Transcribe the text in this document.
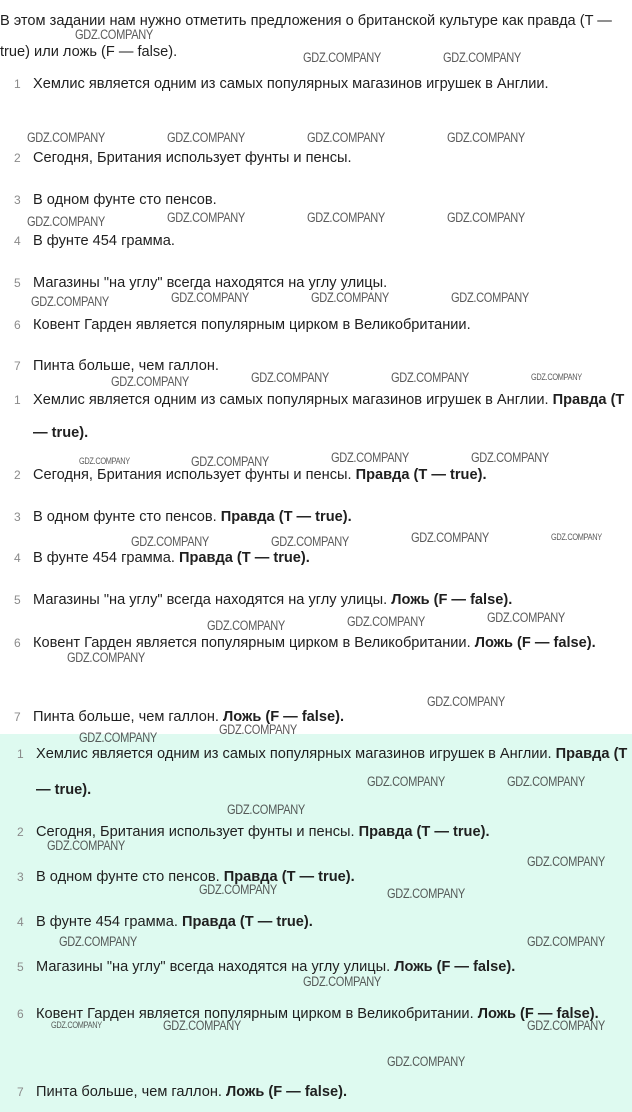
В этом задании нам нужно отметить предложения о британской культуре как правда (T — true) или ложь (F — false).
1 Хемлис является одним из самых популярных магазинов игрушек в Англии.
2 Сегодня, Британия использует фунты и пенсы.
3 В одном фунте сто пенсов.
4 В фунте 454 грамма.
5 Магазины "на углу" всегда находятся на углу улицы.
6 Ковент Гарден является популярным цирком в Великобритании.
7 Пинта больше, чем галлон.
1 Хемлис является одним из самых популярных магазинов игрушек в Англии. Правда (T — true).
2 Сегодня, Британия использует фунты и пенсы. Правда (T — true).
3 В одном фунте сто пенсов. Правда (T — true).
4 В фунте 454 грамма. Правда (T — true).
5 Магазины "на углу" всегда находятся на углу улицы. Ложь (F — false).
6 Ковент Гарден является популярным цирком в Великобритании. Ложь (F — false).
7 Пинта больше, чем галлон. Ложь (F — false).
1 Хемлис является одним из самых популярных магазинов игрушек в Англии. Правда (T — true).
2 Сегодня, Британия использует фунты и пенсы. Правда (T — true).
3 В одном фунте сто пенсов. Правда (T — true).
4 В фунте 454 грамма. Правда (T — true).
5 Магазины "на углу" всегда находятся на углу улицы. Ложь (F — false).
6 Ковент Гарден является популярным цирком в Великобритании. Ложь (F — false).
7 Пинта больше, чем галлон. Ложь (F — false).
GDZ.COMPANY
GDZ.COMPANY	GDZ.COMPANY
GDZ.COMPANY	GDZ.COMPANY	GDZ.COMPANY	GDZ.COMPANY
GDZ.COMPANY	GDZ.COMPANY	GDZ.COMPANY	GDZ.COMPANY
GDZ.COMPANY	GDZ.COMPANY	GDZ.COMPANY	GDZ.COMPANY
GDZ.COMPANY	GDZ.COMPANY	GDZ.COMPANY	GDZ.COMPANY
GDZ.COMPANY	GDZ.COMPANY	GDZ.COMPANY	GDZ.COMPANY
GDZ.COMPANY	GDZ.COMPANY	GDZ.COMPANY	GDZ.COMPANY
GDZ.COMPANY	GDZ.COMPANY	GDZ.COMPANY
GDZ.COMPANY
GDZ.COMPANY
GDZ.COMPANY
GDZ.COMPANY
GDZ.COMPANY	GDZ.COMPANY
GDZ.COMPANY
GDZ.COMPANY
GDZ.COMPANY
GDZ.COMPANY	GDZ.COMPANY
GDZ.COMPANY	GDZ.COMPANY
GDZ.COMPANY
GDZ.COMPANY	GDZ.COMPANY	GDZ.COMPANY
GDZ.COMPANY
